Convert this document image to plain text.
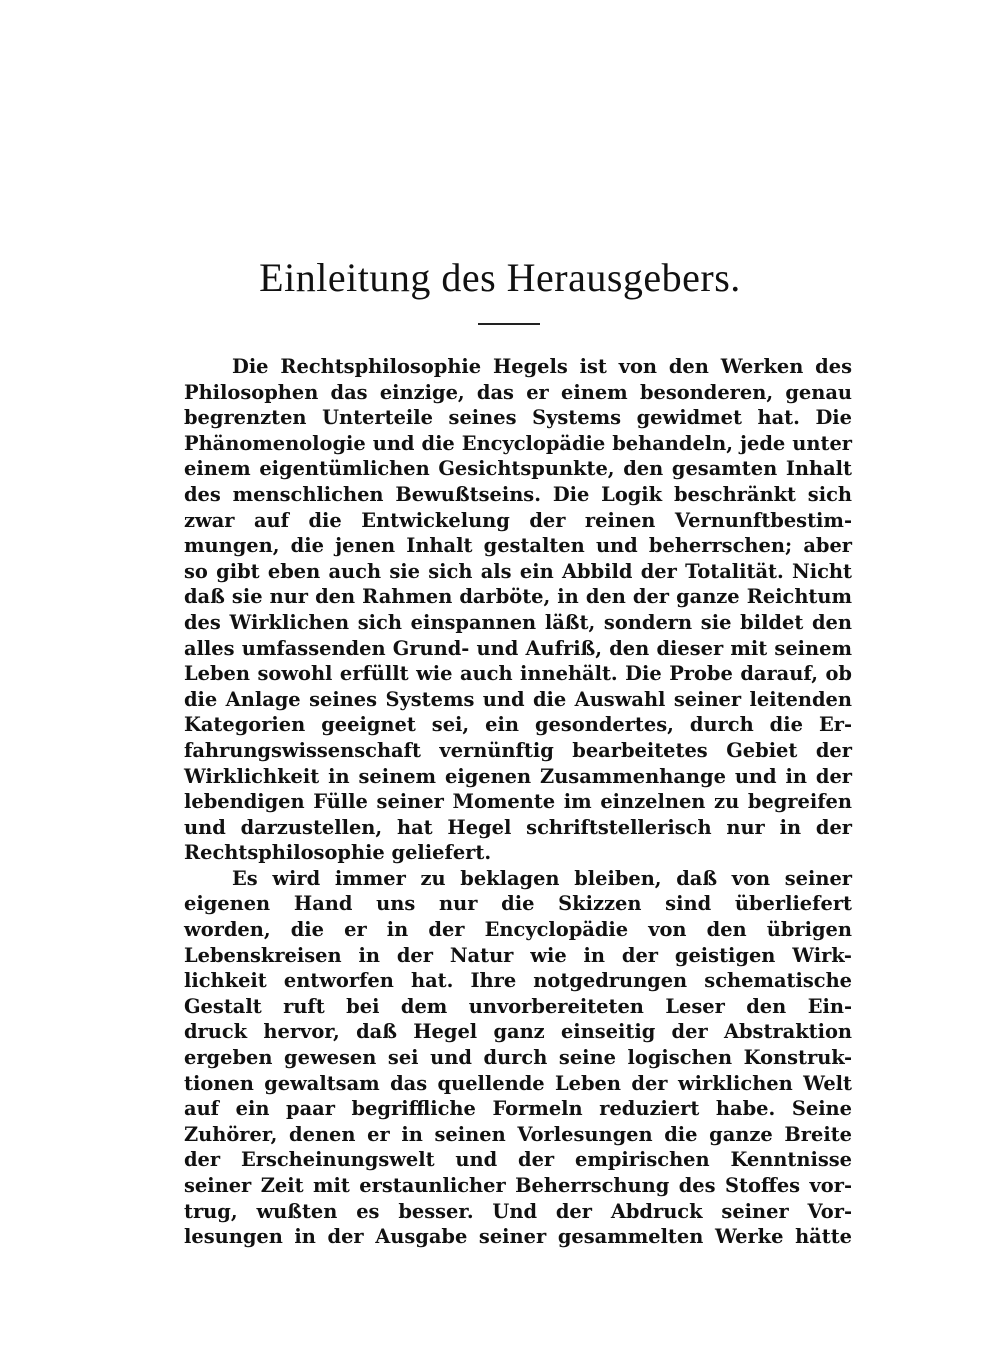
Einleitung des Herausgebers.
Die Rechtsphilosophie Hegels ist von den Werken des
Philosophen das einzige, das er einem besonderen, genau
begrenzten Unterteile seines Systems gewidmet hat. Die
Phänomenologie und die Encyclopädie behandeln, jede unter
einem eigentümlichen Gesichtspunkte, den gesamten Inhalt
des menschlichen Bewußtseins. Die Logik beschränkt sich
zwar auf die Entwickelung der reinen Vernunftbestim-
mungen, die jenen Inhalt gestalten und beherrschen; aber
so gibt eben auch sie sich als ein Abbild der Totalität. Nicht
daß sie nur den Rahmen darböte, in den der ganze Reichtum
des Wirklichen sich einspannen läßt, sondern sie bildet den
alles umfassenden Grund- und Aufriß, den dieser mit seinem
Leben sowohl erfüllt wie auch innehält. Die Probe darauf, ob
die Anlage seines Systems und die Auswahl seiner leitenden
Kategorien geeignet sei, ein gesondertes, durch die Er-
fahrungswissenschaft vernünftig bearbeitetes Gebiet der
Wirklichkeit in seinem eigenen Zusammenhange und in der
lebendigen Fülle seiner Momente im einzelnen zu begreifen
und darzustellen, hat Hegel schriftstellerisch nur in der
Rechtsphilosophie geliefert.
Es wird immer zu beklagen bleiben, daß von seiner
eigenen Hand uns nur die Skizzen sind überliefert
worden, die er in der Encyclopädie von den übrigen
Lebenskreisen in der Natur wie in der geistigen Wirk-
lichkeit entworfen hat. Ihre notgedrungen schematische
Gestalt ruft bei dem unvorbereiteten Leser den Ein-
druck hervor, daß Hegel ganz einseitig der Abstraktion
ergeben gewesen sei und durch seine logischen Konstruk-
tionen gewaltsam das quellende Leben der wirklichen Welt
auf ein paar begriffliche Formeln reduziert habe. Seine
Zuhörer, denen er in seinen Vorlesungen die ganze Breite
der Erscheinungswelt und der empirischen Kenntnisse
seiner Zeit mit erstaunlicher Beherrschung des Stoffes vor-
trug, wußten es besser. Und der Abdruck seiner Vor-
lesungen in der Ausgabe seiner gesammelten Werke hätte
